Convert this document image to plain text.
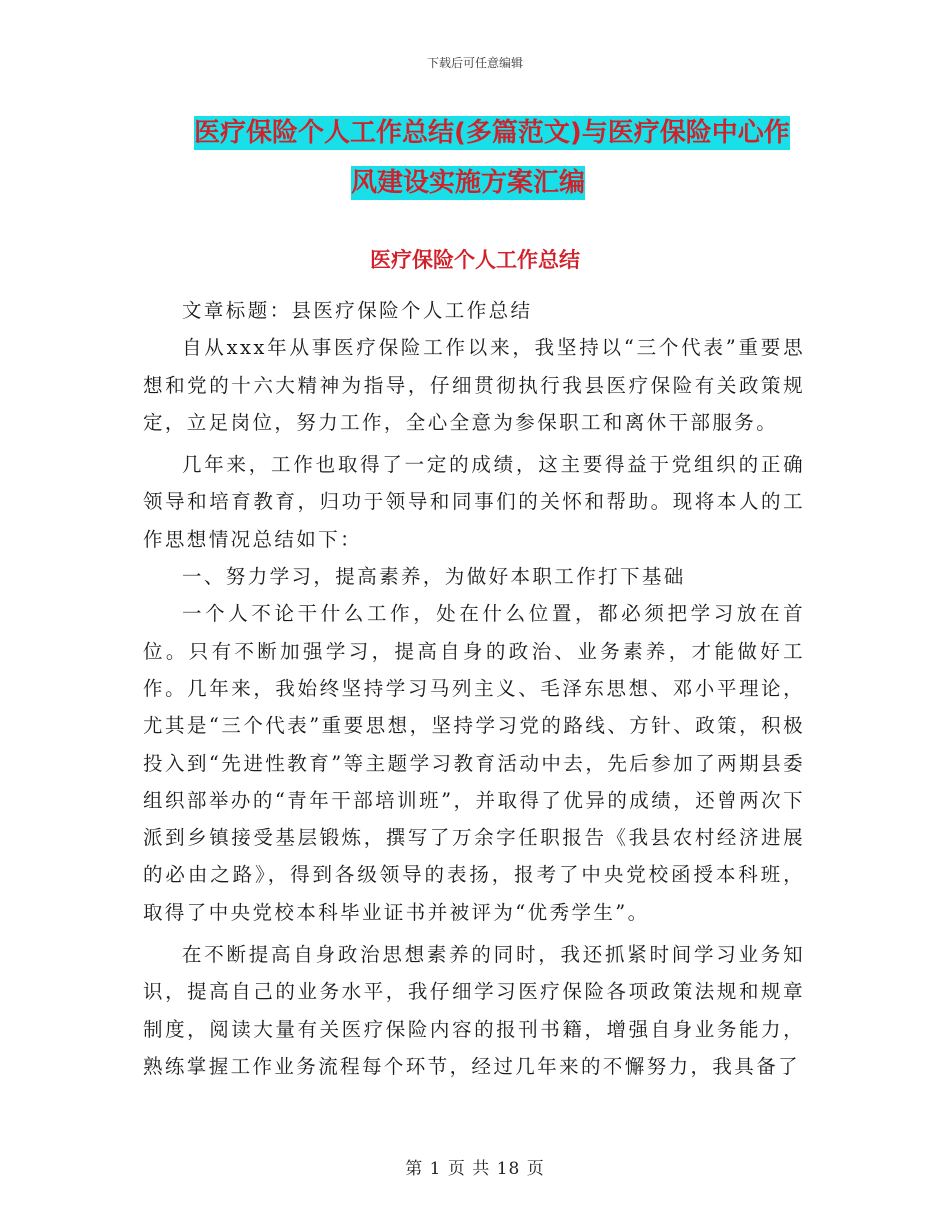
下载后可任意编辑
医疗保险个人工作总结(多篇范文)与医疗保险中心作
风建设实施方案汇编
医疗保险个人工作总结

文章标题：县医疗保险个人工作总结

自从xxx年从事医疗保险工作以来，我坚持以“三个代表”重要思想和党的十六大精神为指导，仔细贯彻执行我县医疗保险有关政策规定，立足岗位，努力工作，全心全意为参保职工和离休干部服务。

几年来，工作也取得了一定的成绩，这主要得益于党组织的正确领导和培育教育，归功于领导和同事们的关怀和帮助。现将本人的工作思想情况总结如下：

一、努力学习，提高素养，为做好本职工作打下基础

一个人不论干什么工作，处在什么位置，都必须把学习放在首位。只有不断加强学习，提高自身的政治、业务素养，才能做好工作。几年来，我始终坚持学习马列主义、毛泽东思想、邓小平理论，尤其是“三个代表”重要思想，坚持学习党的路线、方针、政策，积极投入到“先进性教育”等主题学习教育活动中去，先后参加了两期县委组织部举办的“青年干部培训班”，并取得了优异的成绩，还曾两次下派到乡镇接受基层锻炼，撰写了万余字任职报告《我县农村经济进展的必由之路》，得到各级领导的表扬，报考了中央党校函授本科班，取得了中央党校本科毕业证书并被评为“优秀学生”。

在不断提高自身政治思想素养的同时，我还抓紧时间学习业务知识，提高自己的业务水平，我仔细学习医疗保险各项政策法规和规章制度，阅读大量有关医疗保险内容的报刊书籍，增强自身业务能力，熟练掌握工作业务流程每个环节，经过几年来的不懈努力，我具备了

第 1 页 共 18 页
